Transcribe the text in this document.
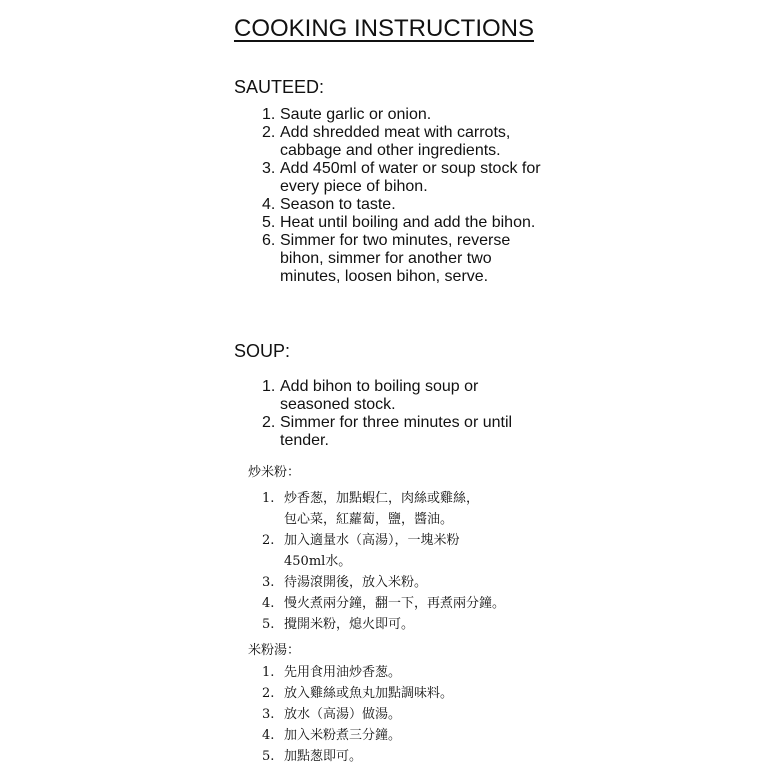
COOKING INSTRUCTIONS
SAUTEED:
1. Saute garlic or onion.
2. Add shredded meat with carrots, cabbage and other ingredients.
3. Add 450ml of water or soup stock for every piece of bihon.
4. Season to taste.
5. Heat until boiling and add the bihon.
6. Simmer for two minutes, reverse bihon, simmer for another two minutes, loosen bihon, serve.
SOUP:
1. Add bihon to boiling soup or seasoned stock.
2. Simmer for three minutes or until tender.
炒米粉：
1. 炒香葱，加點蝦仁，肉絲或雞絲，
包心菜，紅蘿蔔，鹽，醬油。
2. 加入適量水（高湯），一塊米粉
450ml水。
3. 待湯滾開後，放入米粉。
4. 慢火煮兩分鐘，翻一下，再煮兩分鐘。
5. 攪開米粉，熄火即可。
米粉湯：
1. 先用食用油炒香葱。
2. 放入雞絲或魚丸加點調味料。
3. 放水（高湯）做湯。
4. 加入米粉煮三分鐘。
5. 加點葱即可。
